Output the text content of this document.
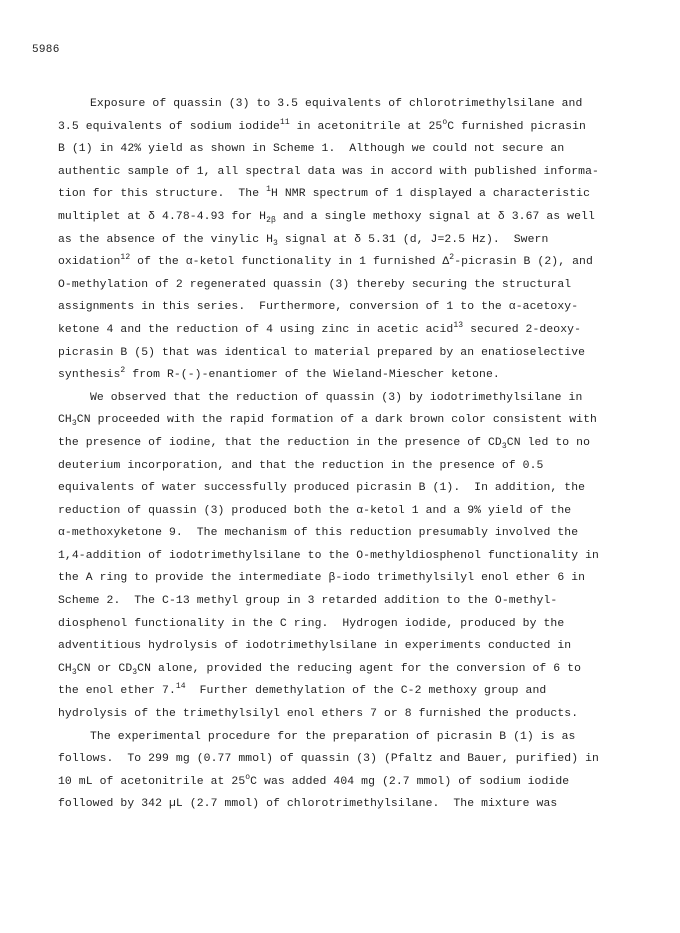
5986
Exposure of quassin (3) to 3.5 equivalents of chlorotrimethylsilane and
3.5 equivalents of sodium iodide$^{11}$ in acetonitrile at 25$^o$C furnished picrasin
B (1) in 42% yield as shown in Scheme 1.  Although we could not secure an
authentic sample of 1, all spectral data was in accord with published informa-
tion for this structure.  The $^1$H NMR spectrum of 1 displayed a characteristic
multiplet at δ 4.78-4.93 for $H_{2\beta}$ and a single methoxy signal at δ 3.67 as well
as the absence of the vinylic $H_3$ signal at δ 5.31 (d, J=2.5 Hz).  Swern
oxidation$^{12}$ of the α-ketol functionality in 1 furnished $\Delta^2$-picrasin B (2), and
O-methylation of 2 regenerated quassin (3) thereby securing the structural
assignments in this series.  Furthermore, conversion of 1 to the α-acetoxy-
ketone 4 and the reduction of 4 using zinc in acetic acid$^{13}$ secured 2-deoxy-
picrasin B (5) that was identical to material prepared by an enatioselective
synthesis$^2$ from R-(-)-enantiomer of the Wieland-Miescher ketone.
We observed that the reduction of quassin (3) by iodotrimethylsilane in
$CH_3CN$ proceeded with the rapid formation of a dark brown color consistent with
the presence of iodine, that the reduction in the presence of $CD_3CN$ led to no
deuterium incorporation, and that the reduction in the presence of 0.5
equivalents of water successfully produced picrasin B (1).  In addition, the
reduction of quassin (3) produced both the α-ketol 1 and a 9% yield of the
α-methoxyketone 9.  The mechanism of this reduction presumably involved the
1,4-addition of iodotrimethylsilane to the O-methyldiosphenol functionality in
the A ring to provide the intermediate β-iodo trimethylsilyl enol ether 6 in
Scheme 2.  The C-13 methyl group in 3 retarded addition to the O-methyl-
diosphenol functionality in the C ring.  Hydrogen iodide, produced by the
adventitious hydrolysis of iodotrimethylsilane in experiments conducted in
$CH_3CN$ or $CD_3CN$ alone, provided the reducing agent for the conversion of 6 to
the enol ether 7.14  Further demethylation of the C-2 methoxy group and
hydrolysis of the trimethylsilyl enol ethers 7 or 8 furnished the products.
The experimental procedure for the preparation of picrasin B (1) is as
follows.  To 299 mg (0.77 mmol) of quassin (3) (Pfaltz and Bauer, purified) in
10 mL of acetonitrile at 25$^o$C was added 404 mg (2.7 mmol) of sodium iodide
followed by 342 µL (2.7 mmol) of chlorotrimethylsilane.  The mixture was
